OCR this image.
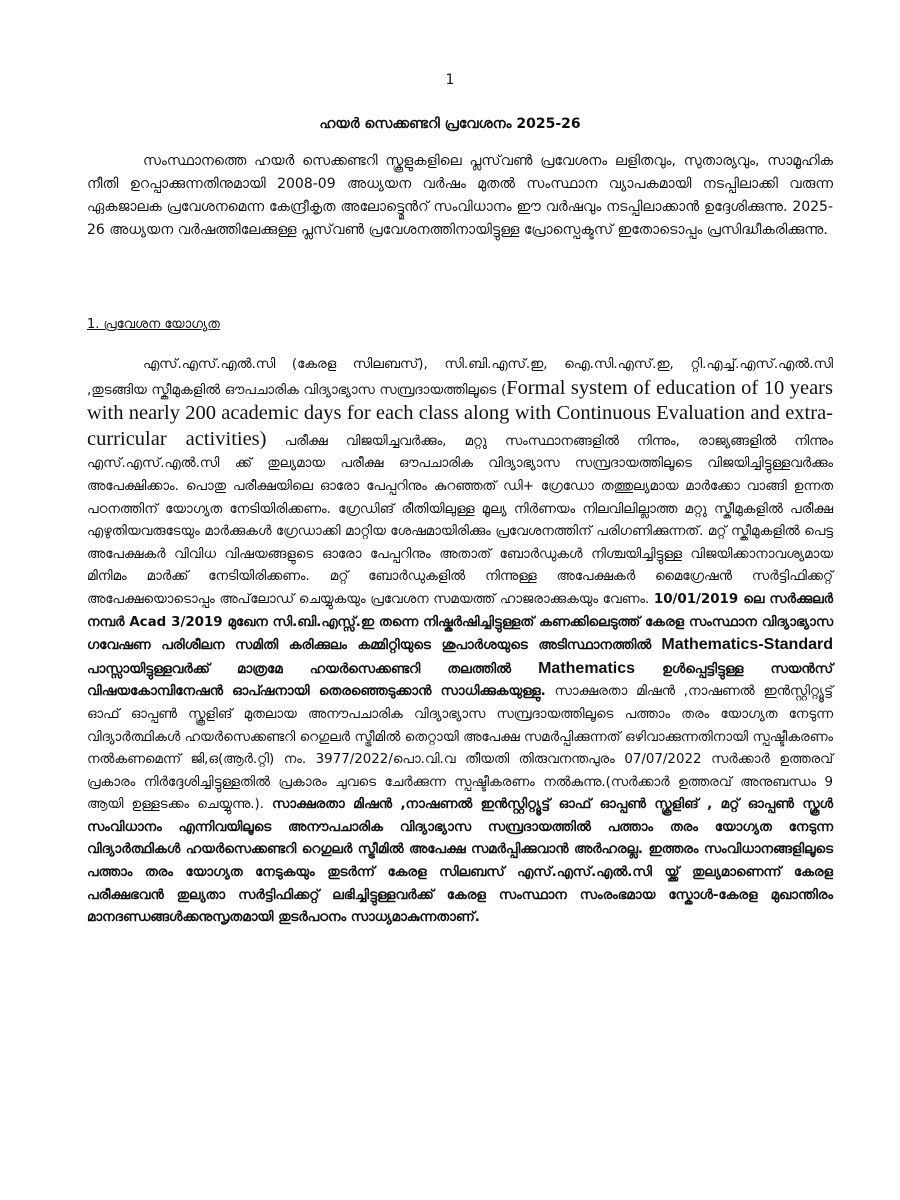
1
ഹയർ സെക്കണ്ടറി പ്രവേശനം 2025-26
സംസ്ഥാനത്തെ ഹയർ സെക്കണ്ടറി സ്കൂളുകളിലെ പ്ലസ്‌വൺ പ്രവേശനം ലളിതവും, സുതാര്യവും, സാമൂഹിക നീതി ഉറപ്പാക്കുന്നതിനുമായി 2008-09 അധ്യയന വർഷം മുതൽ സംസ്ഥാന വ്യാപകമായി നടപ്പിലാക്കി വരുന്ന ഏകജാലക പ്രവേശനമെന്ന കേന്ദ്രീകൃത അലോട്ട്മെൻറ് സംവിധാനം ഈ വർഷവും നടപ്പിലാക്കാൻ ഉദ്ദേശിക്കുന്നു. 2025-26 അധ്യയന വർഷത്തിലേക്കുള്ള പ്ലസ്‌വൺ പ്രവേശനത്തിനായിട്ടുള്ള പ്രോസ്പെക്ടസ് ഇതോടൊപ്പം പ്രസിദ്ധീകരിക്കുന്നു.
1. പ്രവേശന യോഗ്യത
എസ്.എസ്.എൽ.സി (കേരള സിലബസ്), സി.ബി.എസ്.ഇ, ഐ.സി.എസ്.ഇ, റ്റി.എച്ച്.എസ്.എൽ.സി ,തുടങ്ങിയ സ്കീമുകളിൽ ഔപചാരിക വിദ്യാഭ്യാസ സമ്പ്രദായത്തിലൂടെ (Formal system of education of 10 years with nearly 200 academic days for each class along with Continuous Evaluation and extra-curricular activities) പരീക്ഷ വിജയിച്ചവർക്കും, മറ്റു സംസ്ഥാനങ്ങളിൽ നിന്നും, രാജ്യങ്ങളിൽ നിന്നും എസ്.എസ്.എൽ.സി ക്ക് തുല്യമായ പരീക്ഷ ഔപചാരിക വിദ്യാഭ്യാസ സമ്പ്രദായത്തിലൂടെ വിജയിച്ചിട്ടുള്ളവർക്കും അപേക്ഷിക്കാം. പൊതു പരീക്ഷയിലെ ഓരോ പേപ്പറിനും കുറഞ്ഞത് ഡി+ ഗ്രേഡോ തത്തുല്യമായ മാർക്കോ വാങ്ങി ഉന്നത പഠനത്തിന് യോഗ്യത നേടിയിരിക്കണം. ഗ്രേഡിങ് രീതിയിലുള്ള മൂല്യ നിർണയം നിലവിലില്ലാത്ത മറ്റു സ്കീമുകളിൽ പരീക്ഷ എഴുതിയവരുടേയും മാർക്കുകൾ ഗ്രേഡാക്കി മാറ്റിയ ശേഷമായിരിക്കും പ്രവേശനത്തിന് പരിഗണിക്കുന്നത്. മറ്റ് സ്കീമുകളിൽ പെട്ട അപേക്ഷകർ വിവിധ വിഷയങ്ങളുടെ ഓരോ പേപ്പറിനും അതാത് ബോർഡുകൾ നിശ്ചയിച്ചിട്ടുള്ള വിജയിക്കാനാവശ്യമായ മിനിമം മാർക്ക് നേടിയിരിക്കണം. മറ്റ് ബോർഡുകളിൽ നിന്നുള്ള അപേക്ഷകർ മൈഗ്രേഷൻ സർട്ടിഫിക്കറ്റ് അപേക്ഷയൊടൊപ്പം അപ്‌ലോഡ് ചെയ്യുകയും പ്രവേശന സമയത്ത് ഹാജരാക്കുകയും വേണം. 10/01/2019 ലെ സർക്കുലർ നമ്പർ Acad 3/2019 മുഖേന സി.ബി.എസ്സ്.ഇ തന്നെ നിഷ്കർഷിച്ചിട്ടുള്ളത് കണക്കിലെടുത്ത് കേരള സംസ്ഥാന വിദ്യാഭ്യാസ ഗവേഷണ പരിശീലന സമിതി കരിക്കുലം കമ്മിറ്റിയുടെ ശുപാർശയുടെ അടിസ്ഥാനത്തിൽ Mathematics-Standard പാസ്സായിട്ടുള്ളവർക്ക് മാത്രമേ ഹയർസെക്കണ്ടറി തലത്തിൽ Mathematics ഉൾപ്പെട്ടിട്ടുള്ള സയൻസ് വിഷയകോമ്പിനേഷൻ ഓപ്ഷനായി തെരഞ്ഞെടുക്കാൻ സാധിക്കുകയുള്ളു. സാക്ഷരതാ മിഷൻ ,നാഷണൽ ഇൻസ്റ്റിറ്റ്യൂട്ട് ഓഫ് ഓപ്പൺ സ്കൂളിങ് മുതലായ അനൗപചാരിക വിദ്യാഭ്യാസ സമ്പ്രദായത്തിലൂടെ പത്താം തരം യോഗ്യത നേടുന്ന വിദ്യാർത്ഥികൾ ഹയർസെക്കണ്ടറി റെഗുലർ സ്ട്രീമിൽ തെറ്റായി അപേക്ഷ സമർപ്പിക്കുന്നത് ഒഴിവാക്കുന്നതിനായി സ്പഷ്ടീകരണം നൽകണമെന്ന് ജി,ഒ(ആർ.റ്റി) നം. 3977/2022/പൊ.വി.വ തീയതി തിരുവനന്തപുരം 07/07/2022 സർക്കാർ ഉത്തരവ് പ്രകാരം നിർദ്ദേശിച്ചിട്ടുള്ളതിൽ പ്രകാരം ചുവടെ ചേർക്കുന്ന സ്പഷ്ടീകരണം നൽകുന്നു.(സർക്കാർ ഉത്തരവ് അനുബന്ധം 9 ആയി ഉള്ളടക്കം ചെയ്യുന്നു.). സാക്ഷരതാ മിഷൻ ,നാഷണൽ ഇൻസ്റ്റിറ്റ്യൂട്ട് ഓഫ് ഓപ്പൺ സ്കൂളിങ് , മറ്റ് ഓപ്പൺ സ്കൂൾ സംവിധാനം എന്നിവയിലൂടെ അനൗപചാരിക വിദ്യാഭ്യാസ സമ്പ്രദായത്തിൽ പത്താം തരം യോഗ്യത നേടുന്ന വിദ്യാർത്ഥികൾ ഹയർസെക്കണ്ടറി റെഗുലർ സ്ട്രീമിൽ അപേക്ഷ സമർപ്പിക്കുവാൻ അർഹരല്ല. ഇത്തരം സംവിധാനങ്ങളിലൂടെ പത്താം തരം യോഗ്യത നേടുകയും തുടർന്ന് കേരള സിലബസ് എസ്.എസ്.എൽ.സി യ്ക്ക് തുല്യമാണെന്ന് കേരള പരീക്ഷഭവൻ തുല്യതാ സർട്ടിഫിക്കറ്റ് ലഭിച്ചിട്ടുള്ളവർക്ക് കേരള സംസ്ഥാന സംരംഭമായ സ്കോൾ-കേരള മുഖാന്തിരം മാനദണ്ഡങ്ങൾക്കനുസൃതമായി തുടർപഠനം സാധ്യമാകുന്നതാണ്.
